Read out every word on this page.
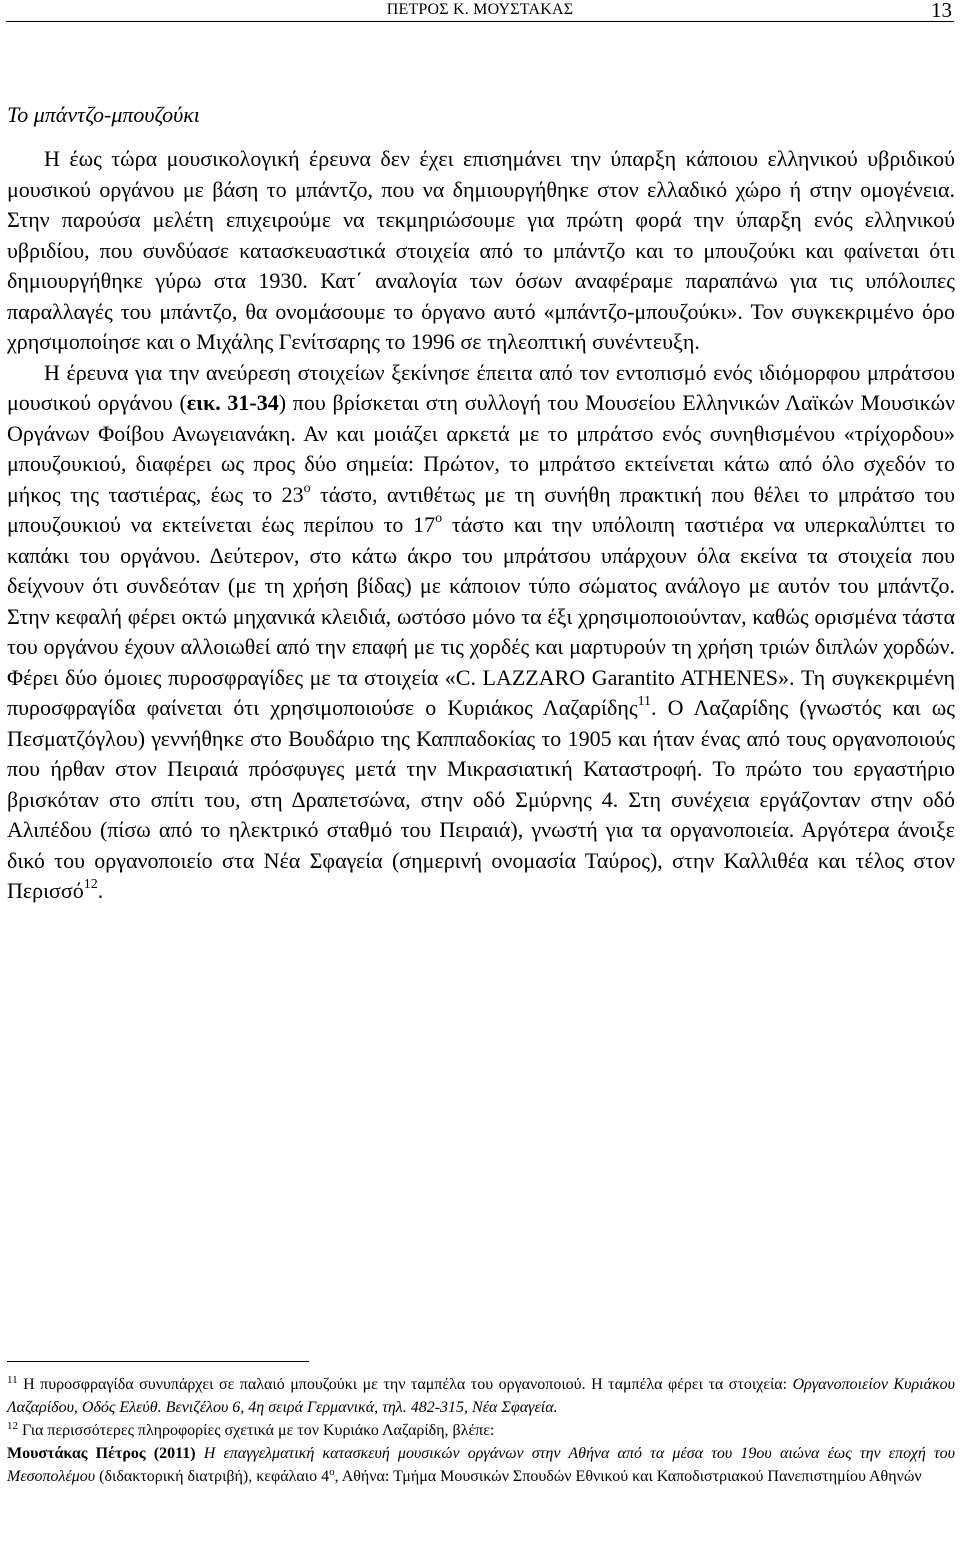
ΠΕΤΡΟΣ Κ. ΜΟΥΣΤΑΚΑΣ	13
Το μπάντζο-μπουζούκι

Η έως τώρα μουσικολογική έρευνα δεν έχει επισημάνει την ύπαρξη κάποιου ελληνικού υβριδικού μουσικού οργάνου με βάση το μπάντζο, που να δημιουργήθηκε στον ελλαδικό χώρο ή στην ομογένεια. Στην παρούσα μελέτη επιχειρούμε να τεκμηριώσουμε για πρώτη φορά την ύπαρξη ενός ελληνικού υβριδίου, που συνδύασε κατασκευαστικά στοιχεία από το μπάντζο και το μπουζούκι και φαίνεται ότι δημιουργήθηκε γύρω στα 1930. Κατ΄ αναλογία των όσων αναφέραμε παραπάνω για τις υπόλοιπες παραλλαγές του μπάντζο, θα ονομάσουμε το όργανο αυτό «μπάντζο-μπουζούκι». Τον συγκεκριμένο όρο χρησιμοποίησε και ο Μιχάλης Γενίτσαρης το 1996 σε τηλεοπτική συνέντευξη.

Η έρευνα για την ανεύρεση στοιχείων ξεκίνησε έπειτα από τον εντοπισμό ενός ιδιόμορφου μπράτσου μουσικού οργάνου (εικ. 31-34) που βρίσκεται στη συλλογή του Μουσείου Ελληνικών Λαϊκών Μουσικών Οργάνων Φοίβου Ανωγειανάκη. Αν και μοιάζει αρκετά με το μπράτσο ενός συνηθισμένου «τρίχορδου» μπουζουκιού, διαφέρει ως προς δύο σημεία: Πρώτον, το μπράτσο εκτείνεται κάτω από όλο σχεδόν το μήκος της ταστιέρας, έως το $23^o$ τάστο, αντιθέτως με τη συνήθη πρακτική που θέλει το μπράτσο του μπουζουκιού να εκτείνεται έως περίπου το $17^o$ τάστο και την υπόλοιπη ταστιέρα να υπερκαλύπτει το καπάκι του οργάνου. Δεύτερον, στο κάτω άκρο του μπράτσου υπάρχουν όλα εκείνα τα στοιχεία που δείχνουν ότι συνδεόταν (με τη χρήση βίδας) με κάποιον τύπο σώματος ανάλογο με αυτόν του μπάντζο. Στην κεφαλή φέρει οκτώ μηχανικά κλειδιά, ωστόσο μόνο τα έξι χρησιμοποιούνταν, καθώς ορισμένα τάστα του οργάνου έχουν αλλοιωθεί από την επαφή με τις χορδές και μαρτυρούν τη χρήση τριών διπλών χορδών. Φέρει δύο όμοιες πυροσφραγίδες με τα στοιχεία «C. LAZZARO Garantito ATHENES». Τη συγκεκριμένη πυροσφραγίδα φαίνεται ότι χρησιμοποιούσε ο Κυριάκος Λαζαρίδης$^{11}$. Ο Λαζαρίδης (γνωστός και ως Πεσματζόγλου) γεννήθηκε στο Βουδάριο της Καππαδοκίας το 1905 και ήταν ένας από τους οργανοποιούς που ήρθαν στον Πειραιά πρόσφυγες μετά την Μικρασιατική Καταστροφή. Το πρώτο του εργαστήριο βρισκόταν στο σπίτι του, στη Δραπετσώνα, στην οδό Σμύρνης 4. Στη συνέχεια εργάζονταν στην οδό Αλιπέδου (πίσω από το ηλεκτρικό σταθμό του Πειραιά), γνωστή για τα οργανοποιεία. Αργότερα άνοιξε δικό του οργανοποιείο στα Νέα Σφαγεία (σημερινή ονομασία Ταύρος), στην Καλλιθέα και τέλος στον Περισσό$^{12}$.

$^{11}$ Η πυροσφραγίδα συνυπάρχει σε παλαιό μπουζούκι με την ταμπέλα του οργανοποιού. Η ταμπέλα φέρει τα στοιχεία: Οργανοποιείον Κυριάκου Λαζαρίδου, Οδός Ελεύθ. Βενιζέλου 6, 4η σειρά Γερμανικά, τηλ. 482-315, Νέα Σφαγεία.

$^{12}$ Για περισσότερες πληροφορίες σχετικά με τον Κυριάκο Λαζαρίδη, βλέπε:
Μουστάκας Πέτρος (2011) Η επαγγελματική κατασκευή μουσικών οργάνων στην Αθήνα από τα μέσα του 19ου αιώνα έως την εποχή του Μεσοπολέμου (διδακτορική διατριβή), κεφάλαιο $4^o$, Αθήνα: Τμήμα Μουσικών Σπουδών Εθνικού και Καποδιστριακού Πανεπιστημίου Αθηνών
